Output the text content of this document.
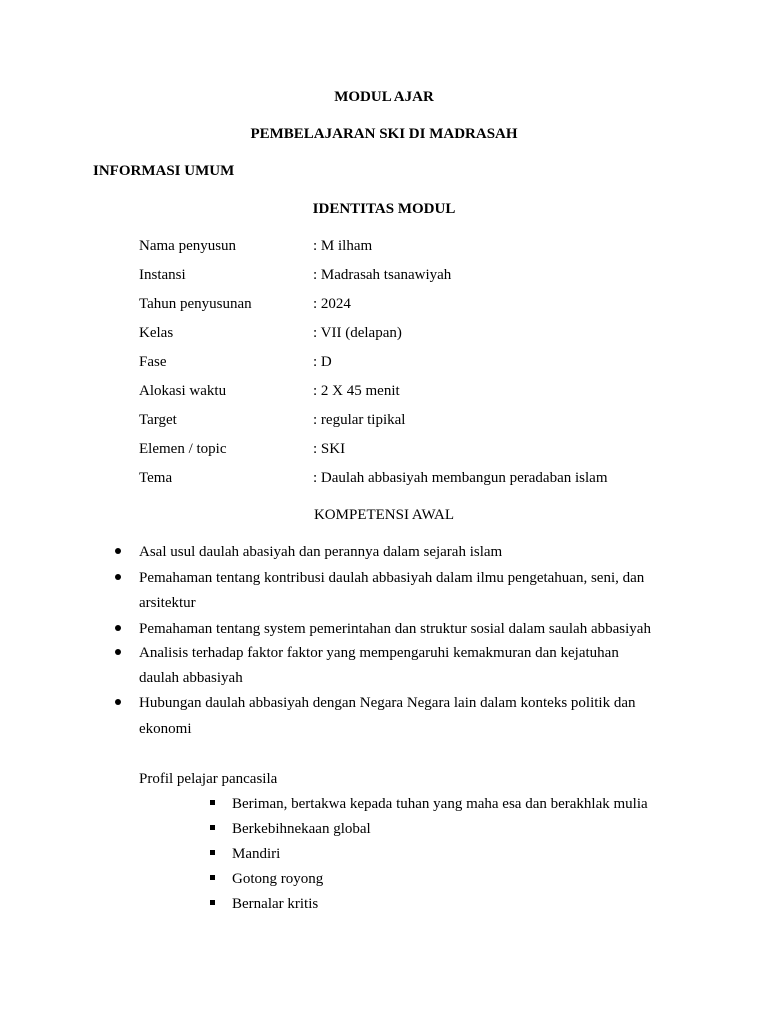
MODUL AJAR

PEMBELAJARAN SKI DI MADRASAH

INFORMASI UMUM

IDENTITAS MODUL

Nama penyusun	: M ilham
Instansi	: Madrasah tsanawiyah
Tahun penyusunan	: 2024
Kelas	: VII (delapan)
Fase	: D
Alokasi waktu	: 2 X 45 menit
Target	: regular tipikal
Elemen / topic	: SKI
Tema	: Daulah abbasiyah membangun peradaban islam

KOMPETENSI AWAL

Asal usul daulah abasiyah dan perannya dalam sejarah islam
Pemahaman tentang kontribusi daulah abbasiyah dalam ilmu pengetahuan, seni, dan
arsitektur
Pemahaman tentang system pemerintahan dan struktur sosial dalam saulah abbasiyah
Analisis terhadap faktor faktor yang mempengaruhi kemakmuran dan kejatuhan
daulah abbasiyah
Hubungan daulah abbasiyah dengan Negara Negara lain dalam konteks politik dan
ekonomi
Profil pelajar pancasila
Beriman, bertakwa kepada tuhan yang maha esa dan berakhlak mulia
Berkebihnekaan global
Mandiri
Gotong royong
Bernalar kritis
